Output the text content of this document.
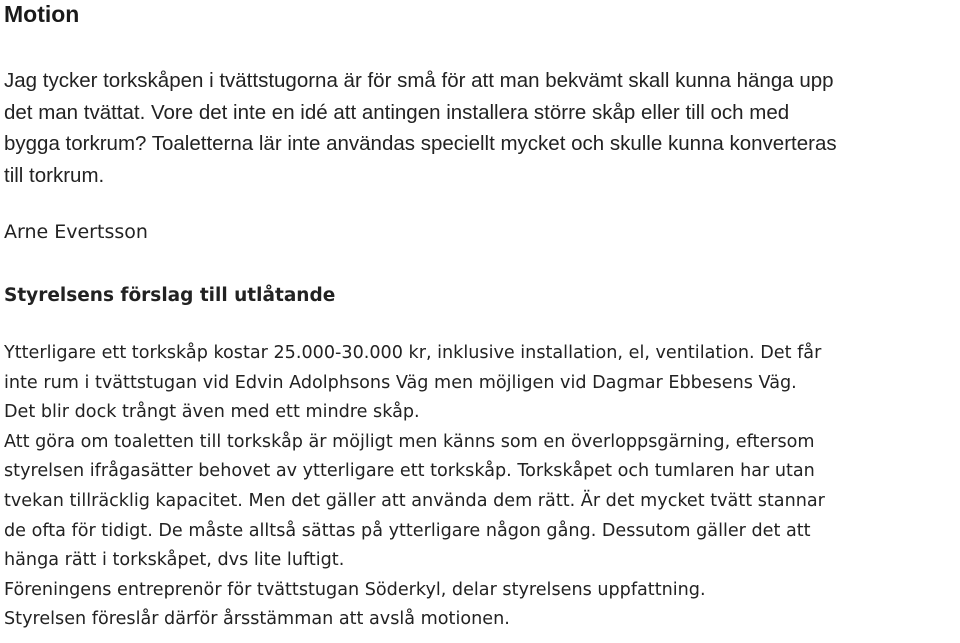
Motion
Jag tycker torkskåpen i tvättstugorna är för små för att man bekvämt skall kunna hänga upp
det man tvättat. Vore det inte en idé att antingen installera större skåp eller till och med
bygga torkrum? Toaletterna lär inte användas speciellt mycket och skulle kunna konverteras
till torkrum.
Arne Evertsson
Styrelsens förslag till utlåtande
Ytterligare ett torkskåp kostar 25.000-30.000 kr, inklusive installation, el, ventilation. Det får
inte rum i tvättstugan vid Edvin Adolphsons Väg men möjligen vid Dagmar Ebbesens Väg.
Det blir dock trångt även med ett mindre skåp.
Att göra om toaletten till torkskåp är möjligt men känns som en överloppsgärning, eftersom
styrelsen ifrågasätter behovet av ytterligare ett torkskåp. Torkskåpet och tumlaren har utan
tvekan tillräcklig kapacitet. Men det gäller att använda dem rätt. Är det mycket tvätt stannar
de ofta för tidigt. De måste alltså sättas på ytterligare någon gång. Dessutom gäller det att
hänga rätt i torkskåpet, dvs lite luftigt.
Föreningens entreprenör för tvättstugan Söderkyl, delar styrelsens uppfattning.
Styrelsen föreslår därför årsstämman att avslå motionen.
